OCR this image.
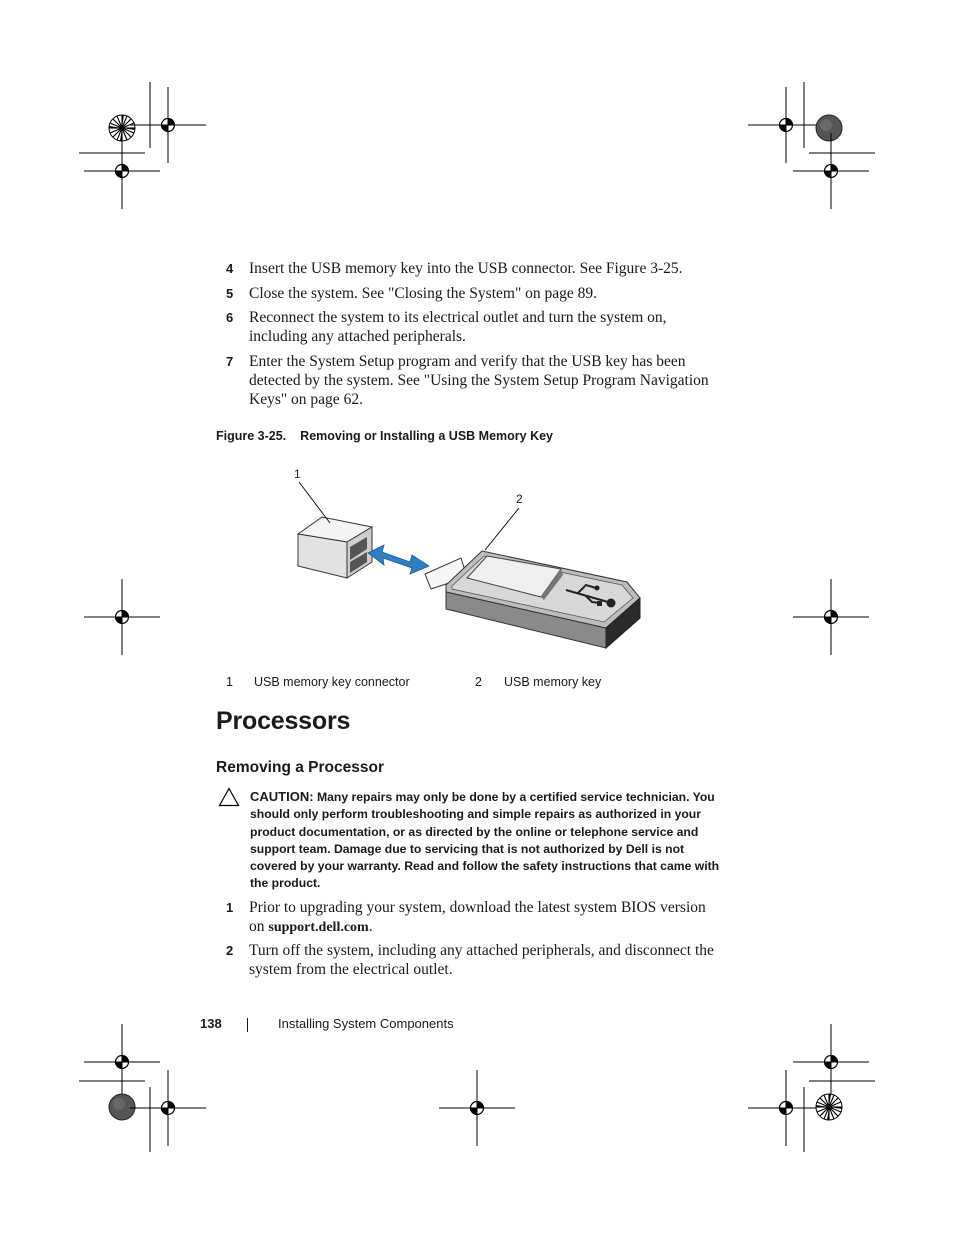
4 Insert the USB memory key into the USB connector. See Figure 3-25.
5 Close the system. See "Closing the System" on page 89.
6 Reconnect the system to its electrical outlet and turn the system on, including any attached peripherals.
7 Enter the System Setup program and verify that the USB key has been detected by the system. See "Using the System Setup Program Navigation Keys" on page 62.
Figure 3-25. Removing or Installing a USB Memory Key
1
2
1 USB memory key connector	2 USB memory key
Processors
Removing a Processor
CAUTION: Many repairs may only be done by a certified service technician. You should only perform troubleshooting and simple repairs as authorized in your product documentation, or as directed by the online or telephone service and support team. Damage due to servicing that is not authorized by Dell is not covered by your warranty. Read and follow the safety instructions that came with the product.
1 Prior to upgrading your system, download the latest system BIOS version on support.dell.com.
2 Turn off the system, including any attached peripherals, and disconnect the system from the electrical outlet.
138	Installing System Components
